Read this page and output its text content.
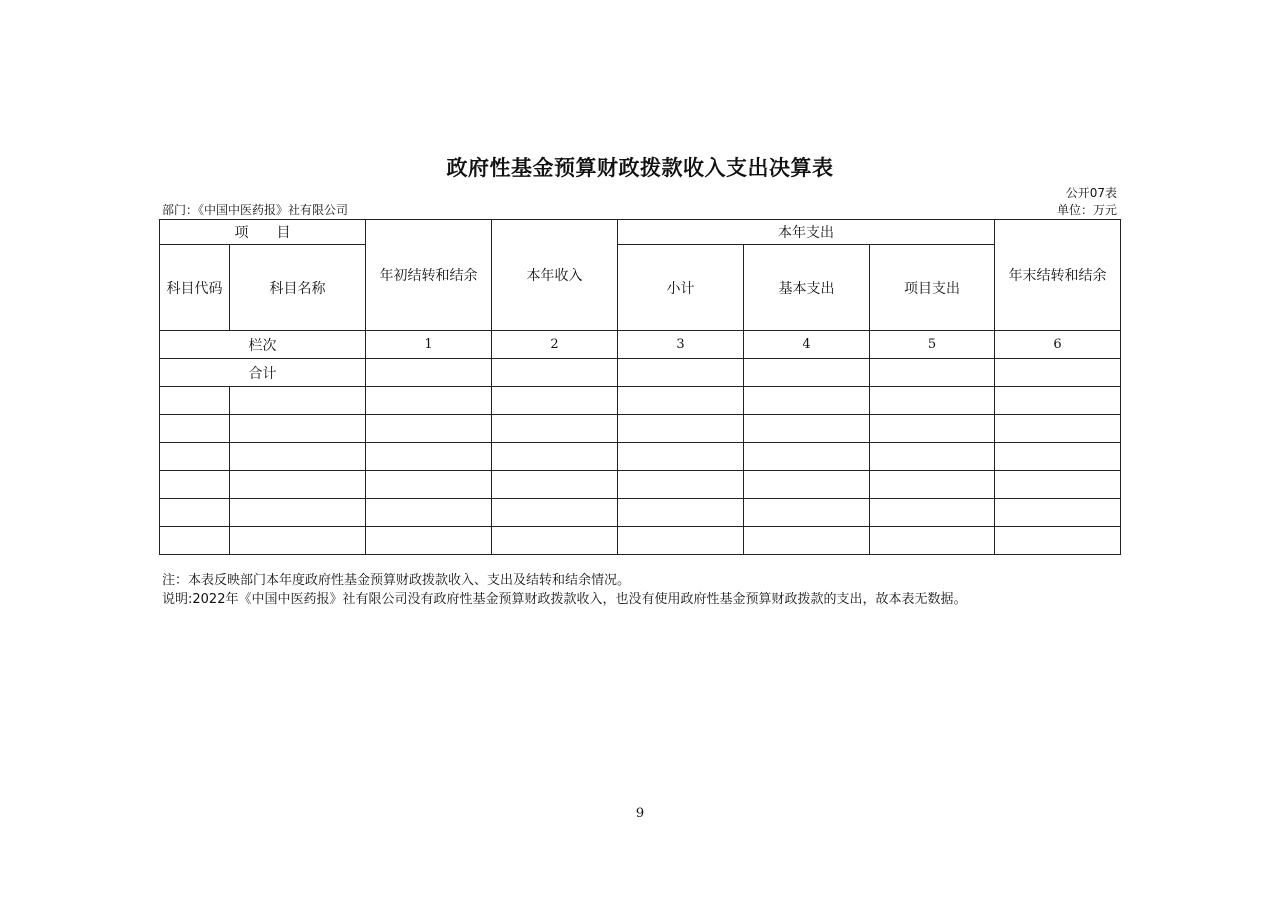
政府性基金预算财政拨款收入支出决算表
公开07表
部门：《中国中医药报》社有限公司	单位：万元
项　　目		年初结转和结余	本年收入	本年支出			年末结转和结余
科目代码	科目名称			小计	基本支出	项目支出	
栏次		1	2	3	4	5	6
合计							

注：本表反映部门本年度政府性基金预算财政拨款收入、支出及结转和结余情况。
说明:2022年《中国中医药报》社有限公司没有政府性基金预算财政拨款收入，也没有使用政府性基金预算财政拨款的支出，故本表无数据。
9
